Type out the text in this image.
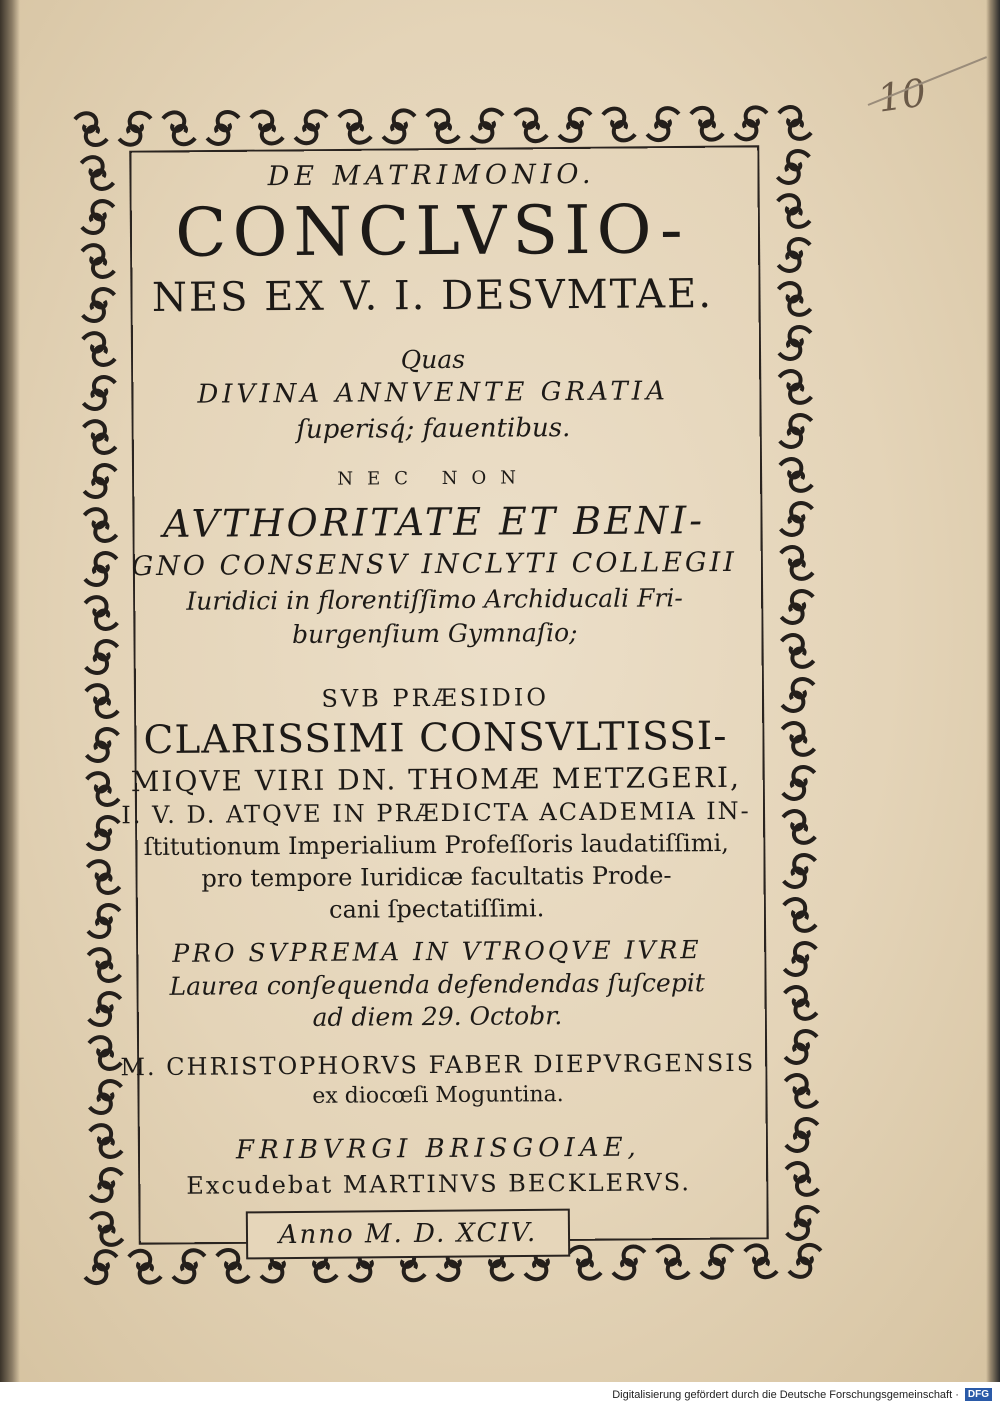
10

DE MATRIMONIO.

CONCLVSIO-

NES EX V. I. DESVMTAE.

Quas

DIVINA ANNVENTE GRATIA

ſuperisq́; fauentibus.

NEC NON

AVTHORITATE ET BENI-

GNO CONSENSV INCLYTI COLLEGII

Iuridici in florentiſſimo Archiducali Fri-

burgenſium Gymnaſio;

SVB PRÆSIDIO

CLARISSIMI CONSVLTISSI-

MIQVE VIRI DN. THOMÆ METZGERI,

I. V. D. ATQVE IN PRÆDICTA ACADEMIA IN-

ſtitutionum Imperialium Profeſſoris laudatiſſimi,

pro tempore Iuridicæ facultatis Prode-

cani ſpectatiſſimi.

PRO SVPREMA IN VTROQVE IVRE

Laurea conſequenda defendendas ſuſcepit

ad diem 29. Octobr.

M. CHRISTOPHORVS FABER DIEPVRGENSIS

ex diocœſi Moguntina.

FRIBVRGI BRISGOIAE,

Excudebat MARTINVS BECKLERVS.

Anno M. D. XCIV.
Digitalisierung gefördert durch die Deutsche Forschungsgemeinschaft · DFG
